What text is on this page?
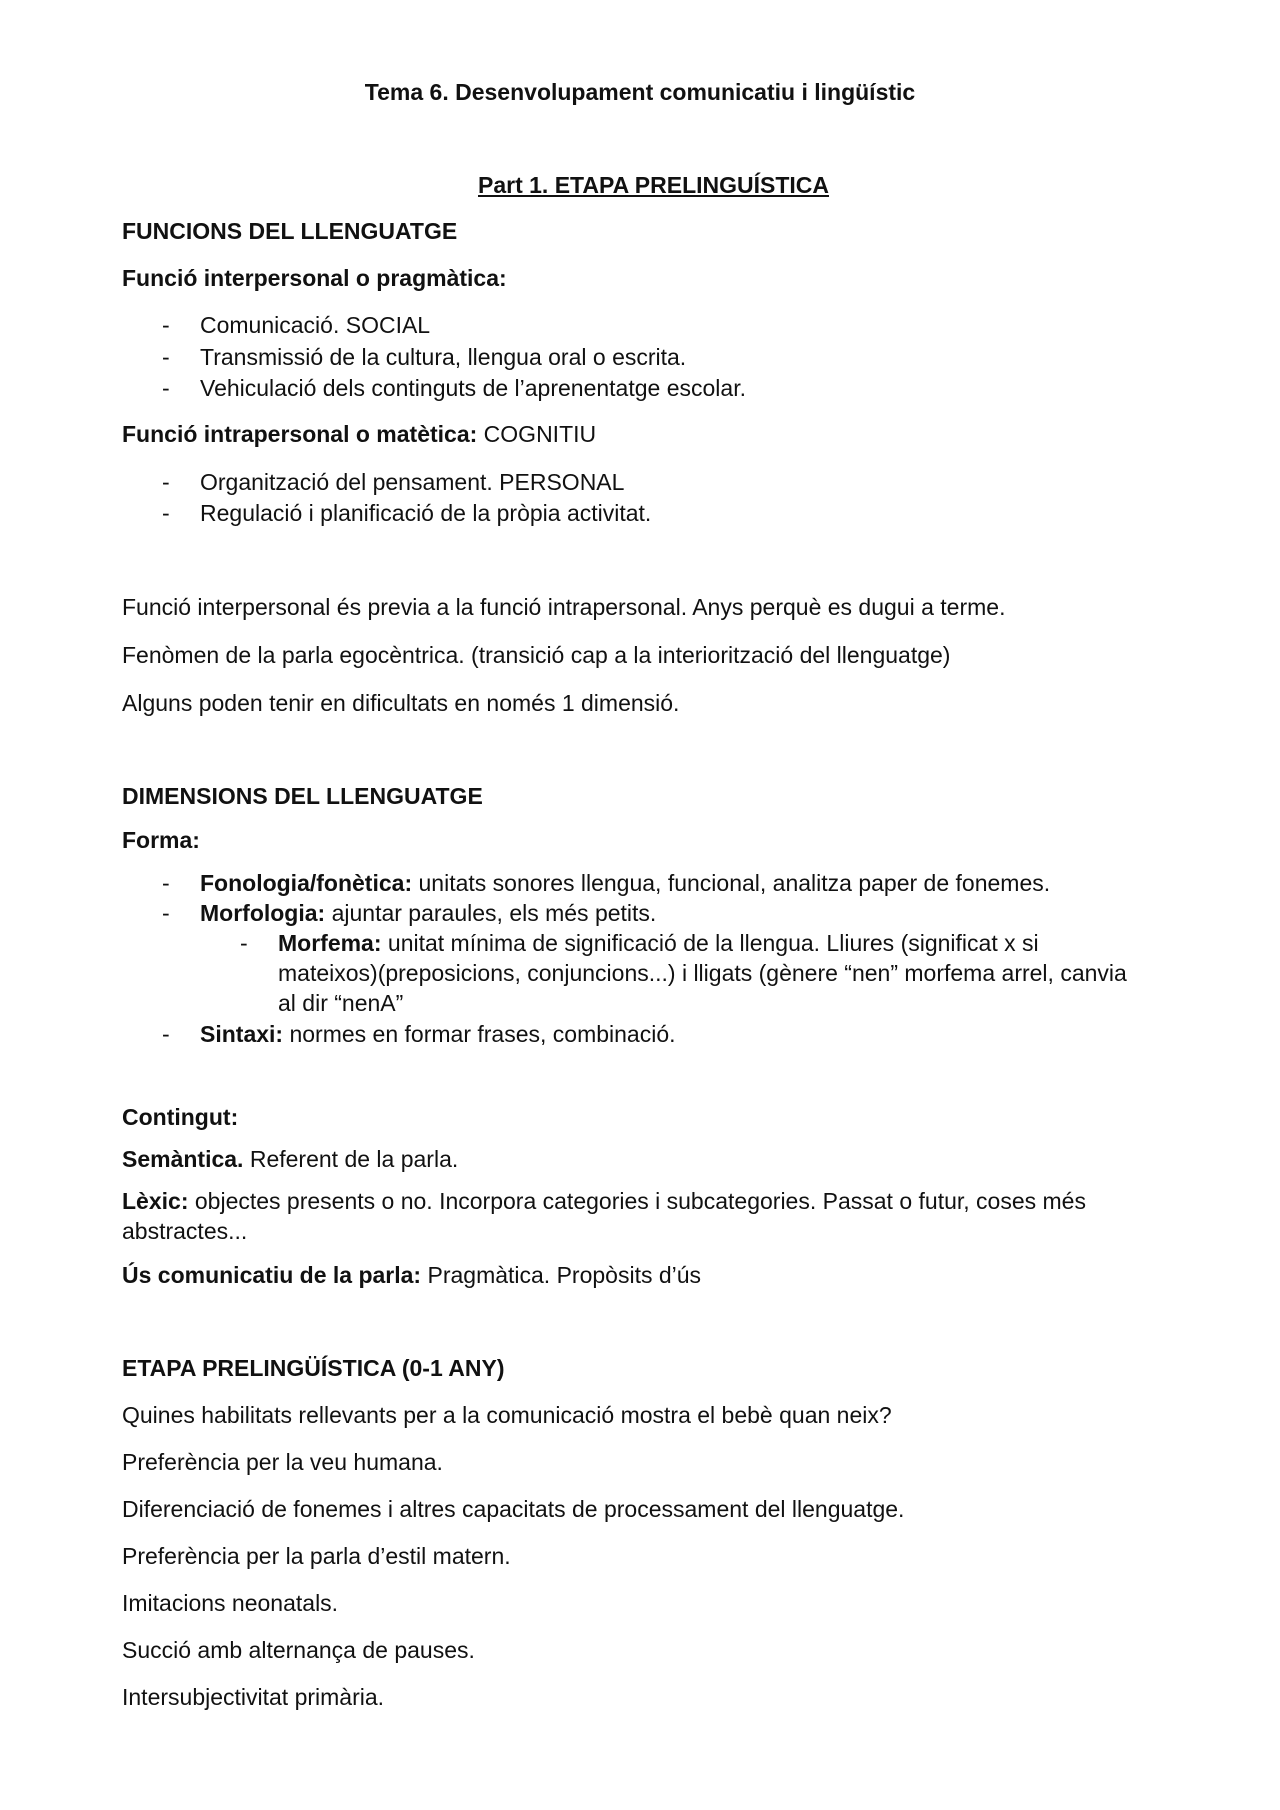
Tema 6. Desenvolupament comunicatiu i lingüístic
Part 1. ETAPA PRELINGUÍSTICA
FUNCIONS DEL LLENGUATGE
Funció interpersonal o pragmàtica:
- Comunicació. SOCIAL
- Transmissió de la cultura, llengua oral o escrita.
- Vehiculació dels continguts de l’aprenentatge escolar.
Funció intrapersonal o matètica: COGNITIU
- Organització del pensament. PERSONAL
- Regulació i planificació de la pròpia activitat.
Funció interpersonal és previa a la funció intrapersonal. Anys perquè es dugui a terme.
Fenòmen de la parla egocèntrica. (transició cap a la interiorització del llenguatge)
Alguns poden tenir en dificultats en només 1 dimensió.
DIMENSIONS DEL LLENGUATGE
Forma:
- Fonologia/fonètica: unitats sonores llengua, funcional, analitza paper de fonemes.
- Morfologia: ajuntar paraules, els més petits.
- Morfema: unitat mínima de significació de la llengua. Lliures (significat x si
mateixos)(preposicions, conjuncions...) i lligats (gènere “nen” morfema arrel, canvia
al dir “nenA”
- Sintaxi: normes en formar frases, combinació.
Contingut:
Semàntica. Referent de la parla.
Lèxic: objectes presents o no. Incorpora categories i subcategories. Passat o futur, coses més
abstractes...
Ús comunicatiu de la parla: Pragmàtica. Propòsits d’ús
ETAPA PRELINGÜÍSTICA (0-1 ANY)
Quines habilitats rellevants per a la comunicació mostra el bebè quan neix?
Preferència per la veu humana.
Diferenciació de fonemes i altres capacitats de processament del llenguatge.
Preferència per la parla d’estil matern.
Imitacions neonatals.
Succió amb alternança de pauses.
Intersubjectivitat primària.
